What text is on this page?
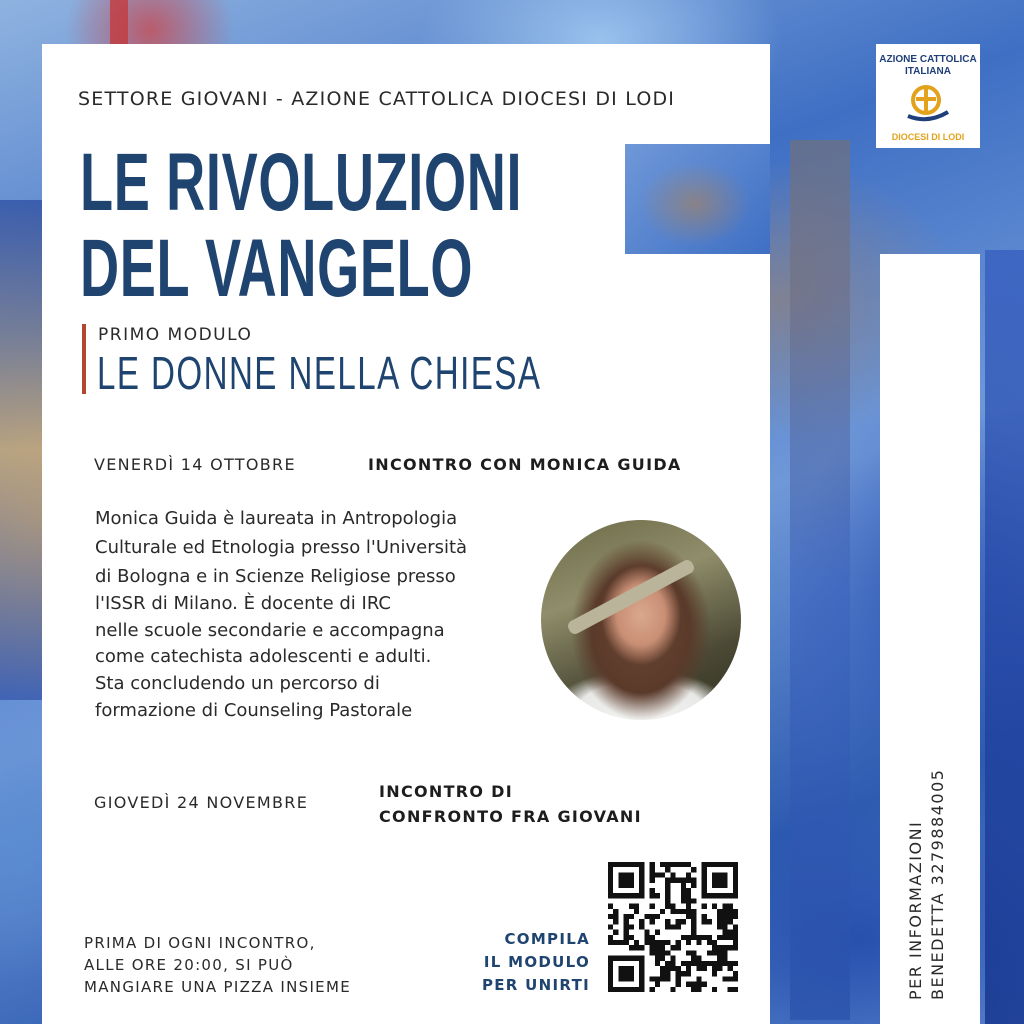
AZIONE CATTOLICA
ITALIANA
DIOCESI DI LODI
SETTORE GIOVANI - AZIONE CATTOLICA DIOCESI DI LODI
LE RIVOLUZIONI
DEL VANGELO
PRIMO MODULO
LE DONNE NELLA CHIESA
VENERDÌ 14 OTTOBRE	INCONTRO CON MONICA GUIDA
Monica Guida è laureata in Antropologia
Culturale ed Etnologia presso l'Università
di Bologna e in Scienze Religiose presso
l'ISSR di Milano. È docente di IRC
nelle scuole secondarie e accompagna
come catechista adolescenti e adulti.
Sta concludendo un percorso di
formazione di Counseling Pastorale
GIOVEDÌ 24 NOVEMBRE
INCONTRO DI
CONFRONTO FRA GIOVANI
PRIMA DI OGNI INCONTRO,
ALLE ORE 20:00, SI PUÒ
MANGIARE UNA PIZZA INSIEME
COMPILA
IL MODULO
PER UNIRTI	PER INFORMAZIONI BENEDETTA 3279884005
